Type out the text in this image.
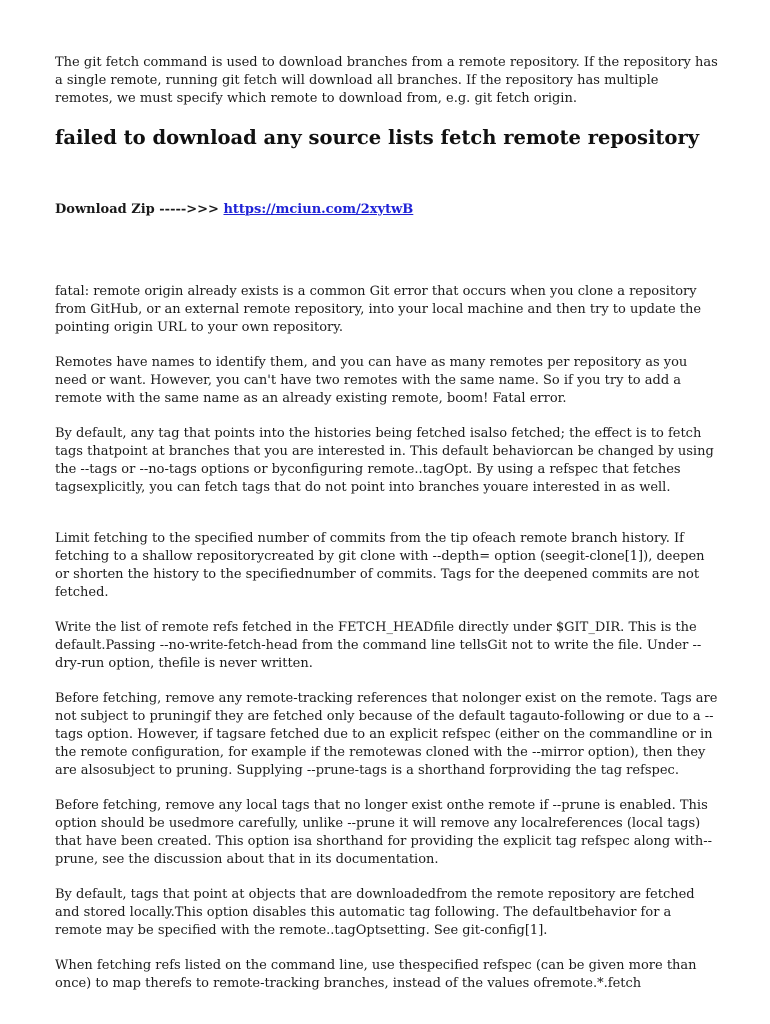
The git fetch command is used to download branches from a remote repository. If the repository has a single remote, running git fetch will download all branches. If the repository has multiple remotes, we must specify which remote to download from, e.g. git fetch origin.

failed to download any source lists fetch remote repository
Download Zip ----->>> https://mciun.com/2xytwB

fatal: remote origin already exists is a common Git error that occurs when you clone a repository from GitHub, or an external remote repository, into your local machine and then try to update the pointing origin URL to your own repository.

Remotes have names to identify them, and you can have as many remotes per repository as you need or want. However, you can't have two remotes with the same name. So if you try to add a remote with the same name as an already existing remote, boom! Fatal error.

By default, any tag that points into the histories being fetched isalso fetched; the effect is to fetch tags thatpoint at branches that you are interested in. This default behaviorcan be changed by using the --tags or --no-tags options or byconfiguring remote..tagOpt. By using a refspec that fetches tagsexplicitly, you can fetch tags that do not point into branches youare interested in as well.

Limit fetching to the specified number of commits from the tip ofeach remote branch history. If fetching to a shallow repositorycreated by git clone with --depth= option (seegit-clone[1]), deepen or shorten the history to the specifiednumber of commits. Tags for the deepened commits are not fetched.

Write the list of remote refs fetched in the FETCH_HEADfile directly under $GIT_DIR. This is the default.Passing --no-write-fetch-head from the command line tellsGit not to write the file. Under --dry-run option, thefile is never written.

Before fetching, remove any remote-tracking references that nolonger exist on the remote. Tags are not subject to pruningif they are fetched only because of the default tagauto-following or due to a --tags option. However, if tagsare fetched due to an explicit refspec (either on the commandline or in the remote configuration, for example if the remotewas cloned with the --mirror option), then they are alsosubject to pruning. Supplying --prune-tags is a shorthand forproviding the tag refspec.

Before fetching, remove any local tags that no longer exist onthe remote if --prune is enabled. This option should be usedmore carefully, unlike --prune it will remove any localreferences (local tags) that have been created. This option isa shorthand for providing the explicit tag refspec along with--prune, see the discussion about that in its documentation.

By default, tags that point at objects that are downloadedfrom the remote repository are fetched and stored locally.This option disables this automatic tag following. The defaultbehavior for a remote may be specified with the remote..tagOptsetting. See git-config[1].

When fetching refs listed on the command line, use thespecified refspec (can be given more than once) to map therefs to remote-tracking branches, instead of the values ofremote.*.fetch
